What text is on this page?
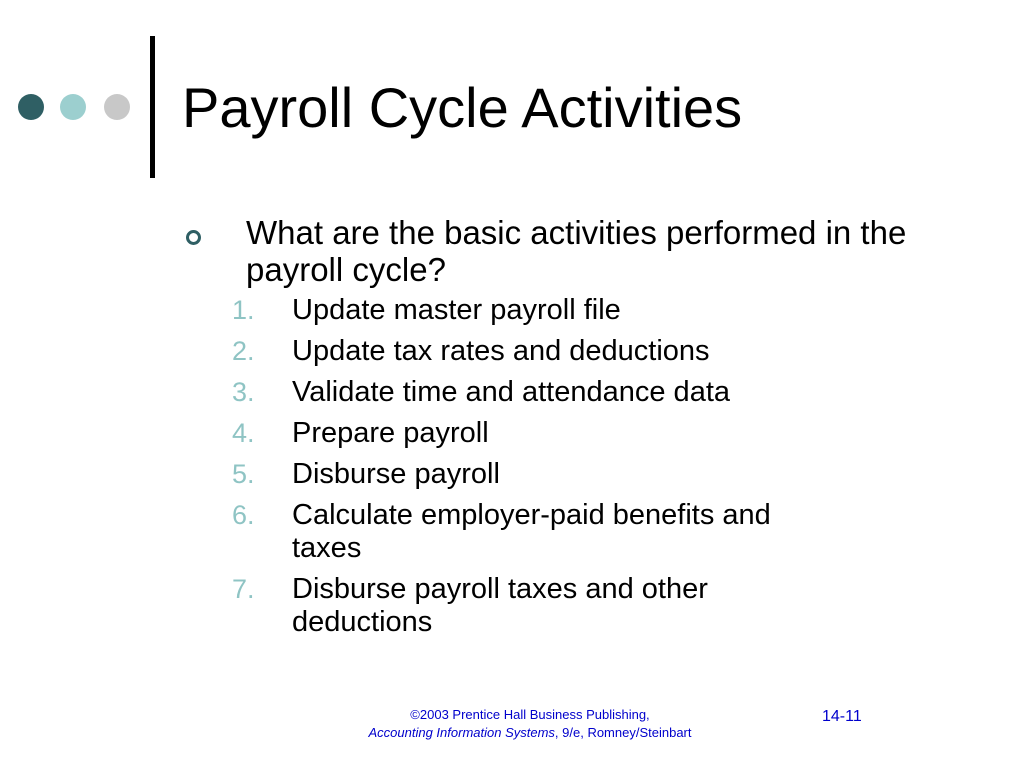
Payroll Cycle Activities
What are the basic activities performed in the payroll cycle?
1. Update master payroll file
2. Update tax rates and deductions
3. Validate time and attendance data
4. Prepare payroll
5. Disburse payroll
6. Calculate employer-paid benefits and taxes
7. Disburse payroll taxes and other deductions
©2003 Prentice Hall Business Publishing,
Accounting Information Systems, 9/e, Romney/Steinbart
14-11
